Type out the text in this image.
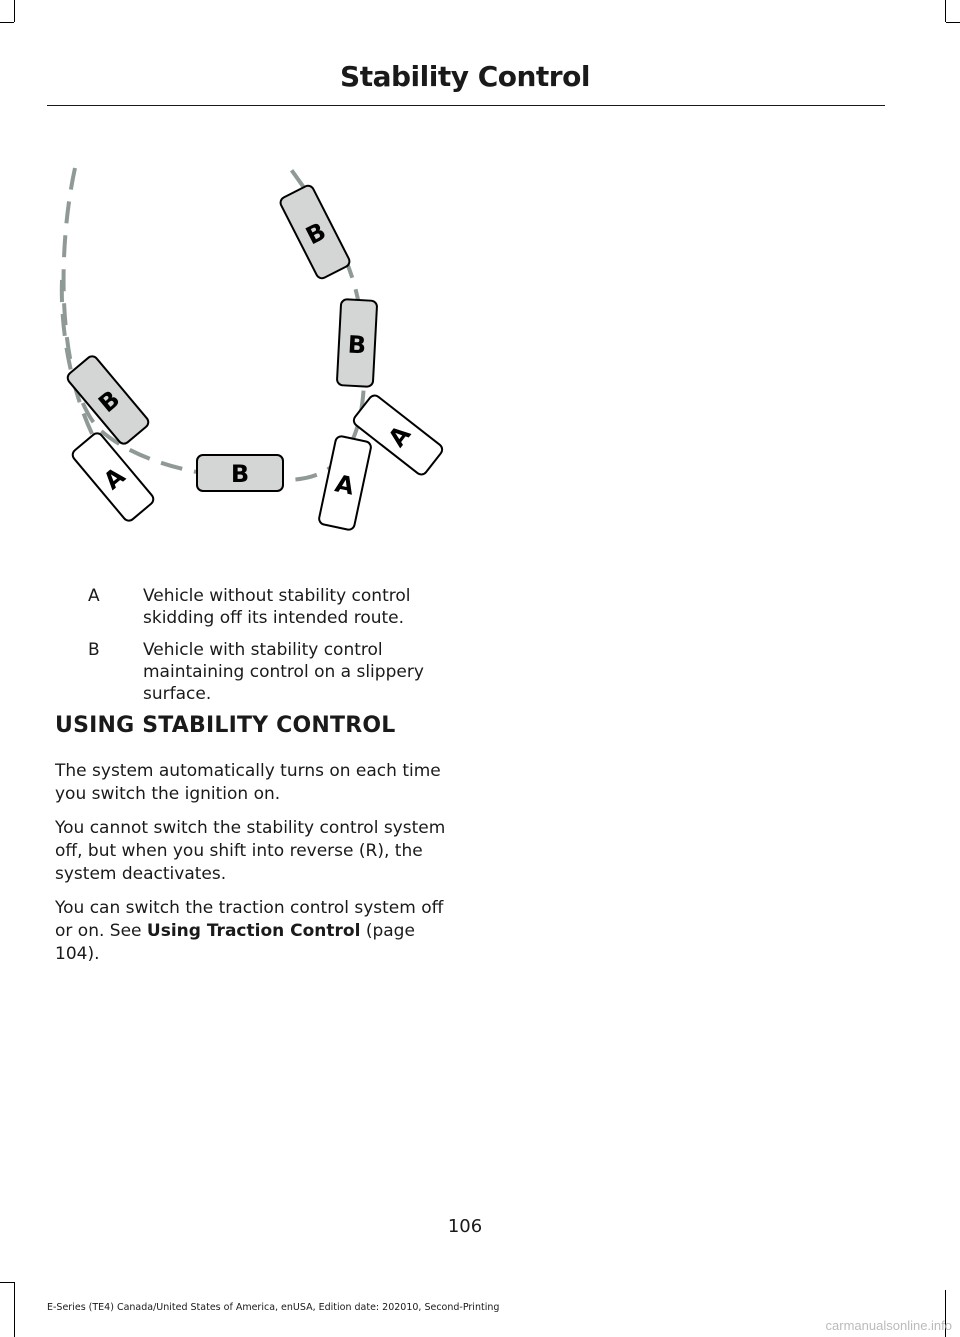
Stability Control
B
B
B
A	B	A
A
A	Vehicle without stability control skidding off its intended route.
B	Vehicle with stability control maintaining control on a slippery surface.
USING STABILITY CONTROL

The system automatically turns on each time you switch the ignition on.

You cannot switch the stability control system off, but when you shift into reverse (R), the system deactivates.

You can switch the traction control system off or on. See Using Traction Control (page 104).

106
E-Series (TE4) Canada/United States of America, enUSA, Edition date: 202010, Second-Printing
carmanualsonline.info
